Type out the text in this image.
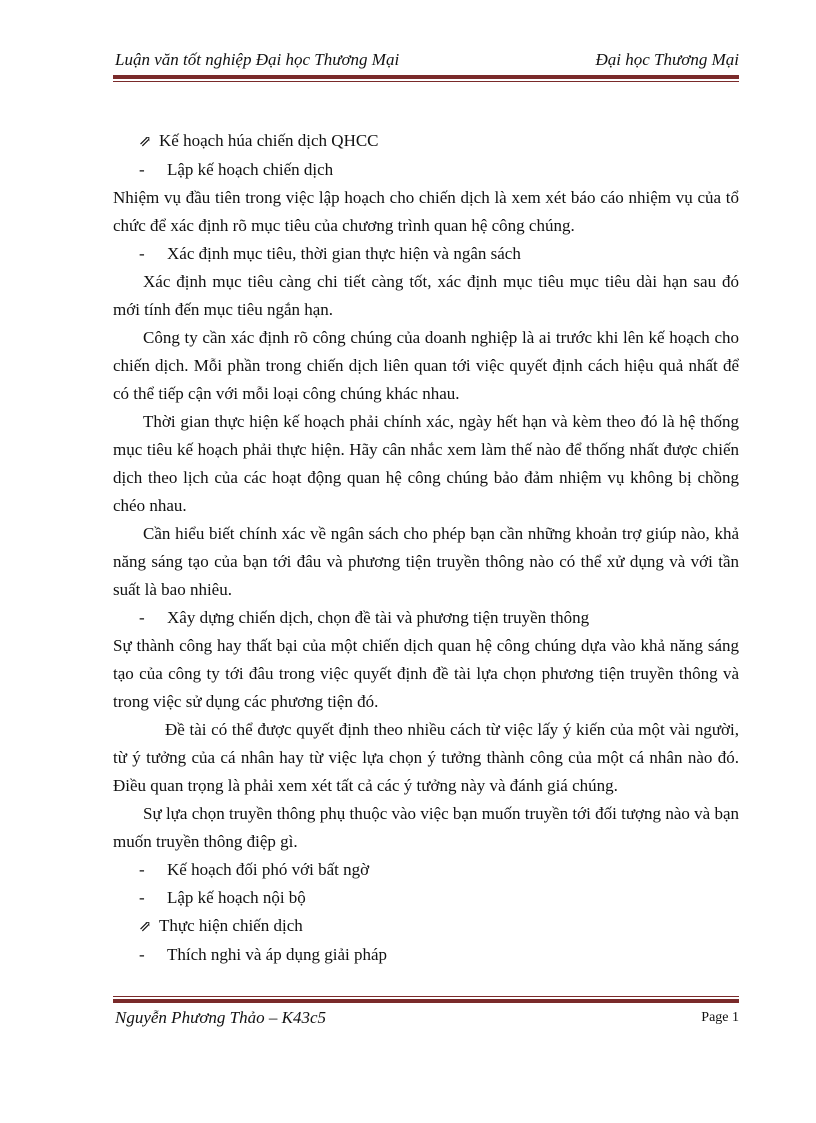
Luận văn tốt nghiệp Đại học Thương Mại	Đại học Thương Mại

⇗ Kế hoạch húa chiến dịch QHCC

-	Lập kế hoạch chiến dịch

Nhiệm vụ đầu tiên trong việc lập hoạch cho chiến dịch là xem xét báo cáo nhiệm vụ của tổ chức để xác định rõ mục tiêu của chương trình quan hệ công chúng.

-	Xác định mục tiêu, thời gian thực hiện và ngân sách

Xác định mục tiêu càng chi tiết càng tốt, xác định mục tiêu mục tiêu dài hạn sau đó mới tính đến mục tiêu ngắn hạn.

Công ty cần xác định rõ công chúng của doanh nghiệp là ai trước khi lên kế hoạch cho chiến dịch. Mỗi phần trong chiến dịch liên quan tới việc quyết định cách hiệu quả nhất để có thể tiếp cận với mỗi loại công chúng khác nhau.

Thời gian thực hiện kế hoạch phải chính xác, ngày hết hạn và kèm theo đó là hệ thống mục tiêu kế hoạch phải thực hiện. Hãy cân nhắc xem làm thế nào để thống nhất được chiến dịch theo lịch của các hoạt động quan hệ công chúng bảo đảm nhiệm vụ không bị chồng chéo nhau.

Cần hiểu biết chính xác về ngân sách cho phép bạn cần những khoản trợ giúp nào, khả năng sáng tạo của bạn tới đâu và phương tiện truyền thông nào có thể xử dụng và với tần suất là bao nhiêu.

-	Xây dựng chiến dịch, chọn đề tài và phương tiện truyền thông

Sự thành công hay thất bại của một chiến dịch quan hệ công chúng dựa vào khả năng sáng tạo của công ty tới đâu trong việc quyết định đề tài lựa chọn phương tiện truyền thông và trong việc sử dụng các phương tiện đó.

Đề tài có thể được quyết định theo nhiều cách từ việc lấy ý kiến của một vài người, từ ý tưởng của cá nhân hay từ việc lựa chọn ý tưởng thành công của một cá nhân nào đó. Điều quan trọng là phải xem xét tất cả các ý tưởng này và đánh giá chúng.

Sự lựa chọn truyền thông phụ thuộc vào việc bạn muốn truyền tới đối tượng nào và bạn muốn truyền thông điệp gì.

-	Kế hoạch đối phó với bất ngờ

-	Lập kế hoạch nội bộ

⇗ Thực hiện chiến dịch

-	Thích nghi và áp dụng giải pháp

Nguyễn Phương Thảo – K43c5	Page 1
